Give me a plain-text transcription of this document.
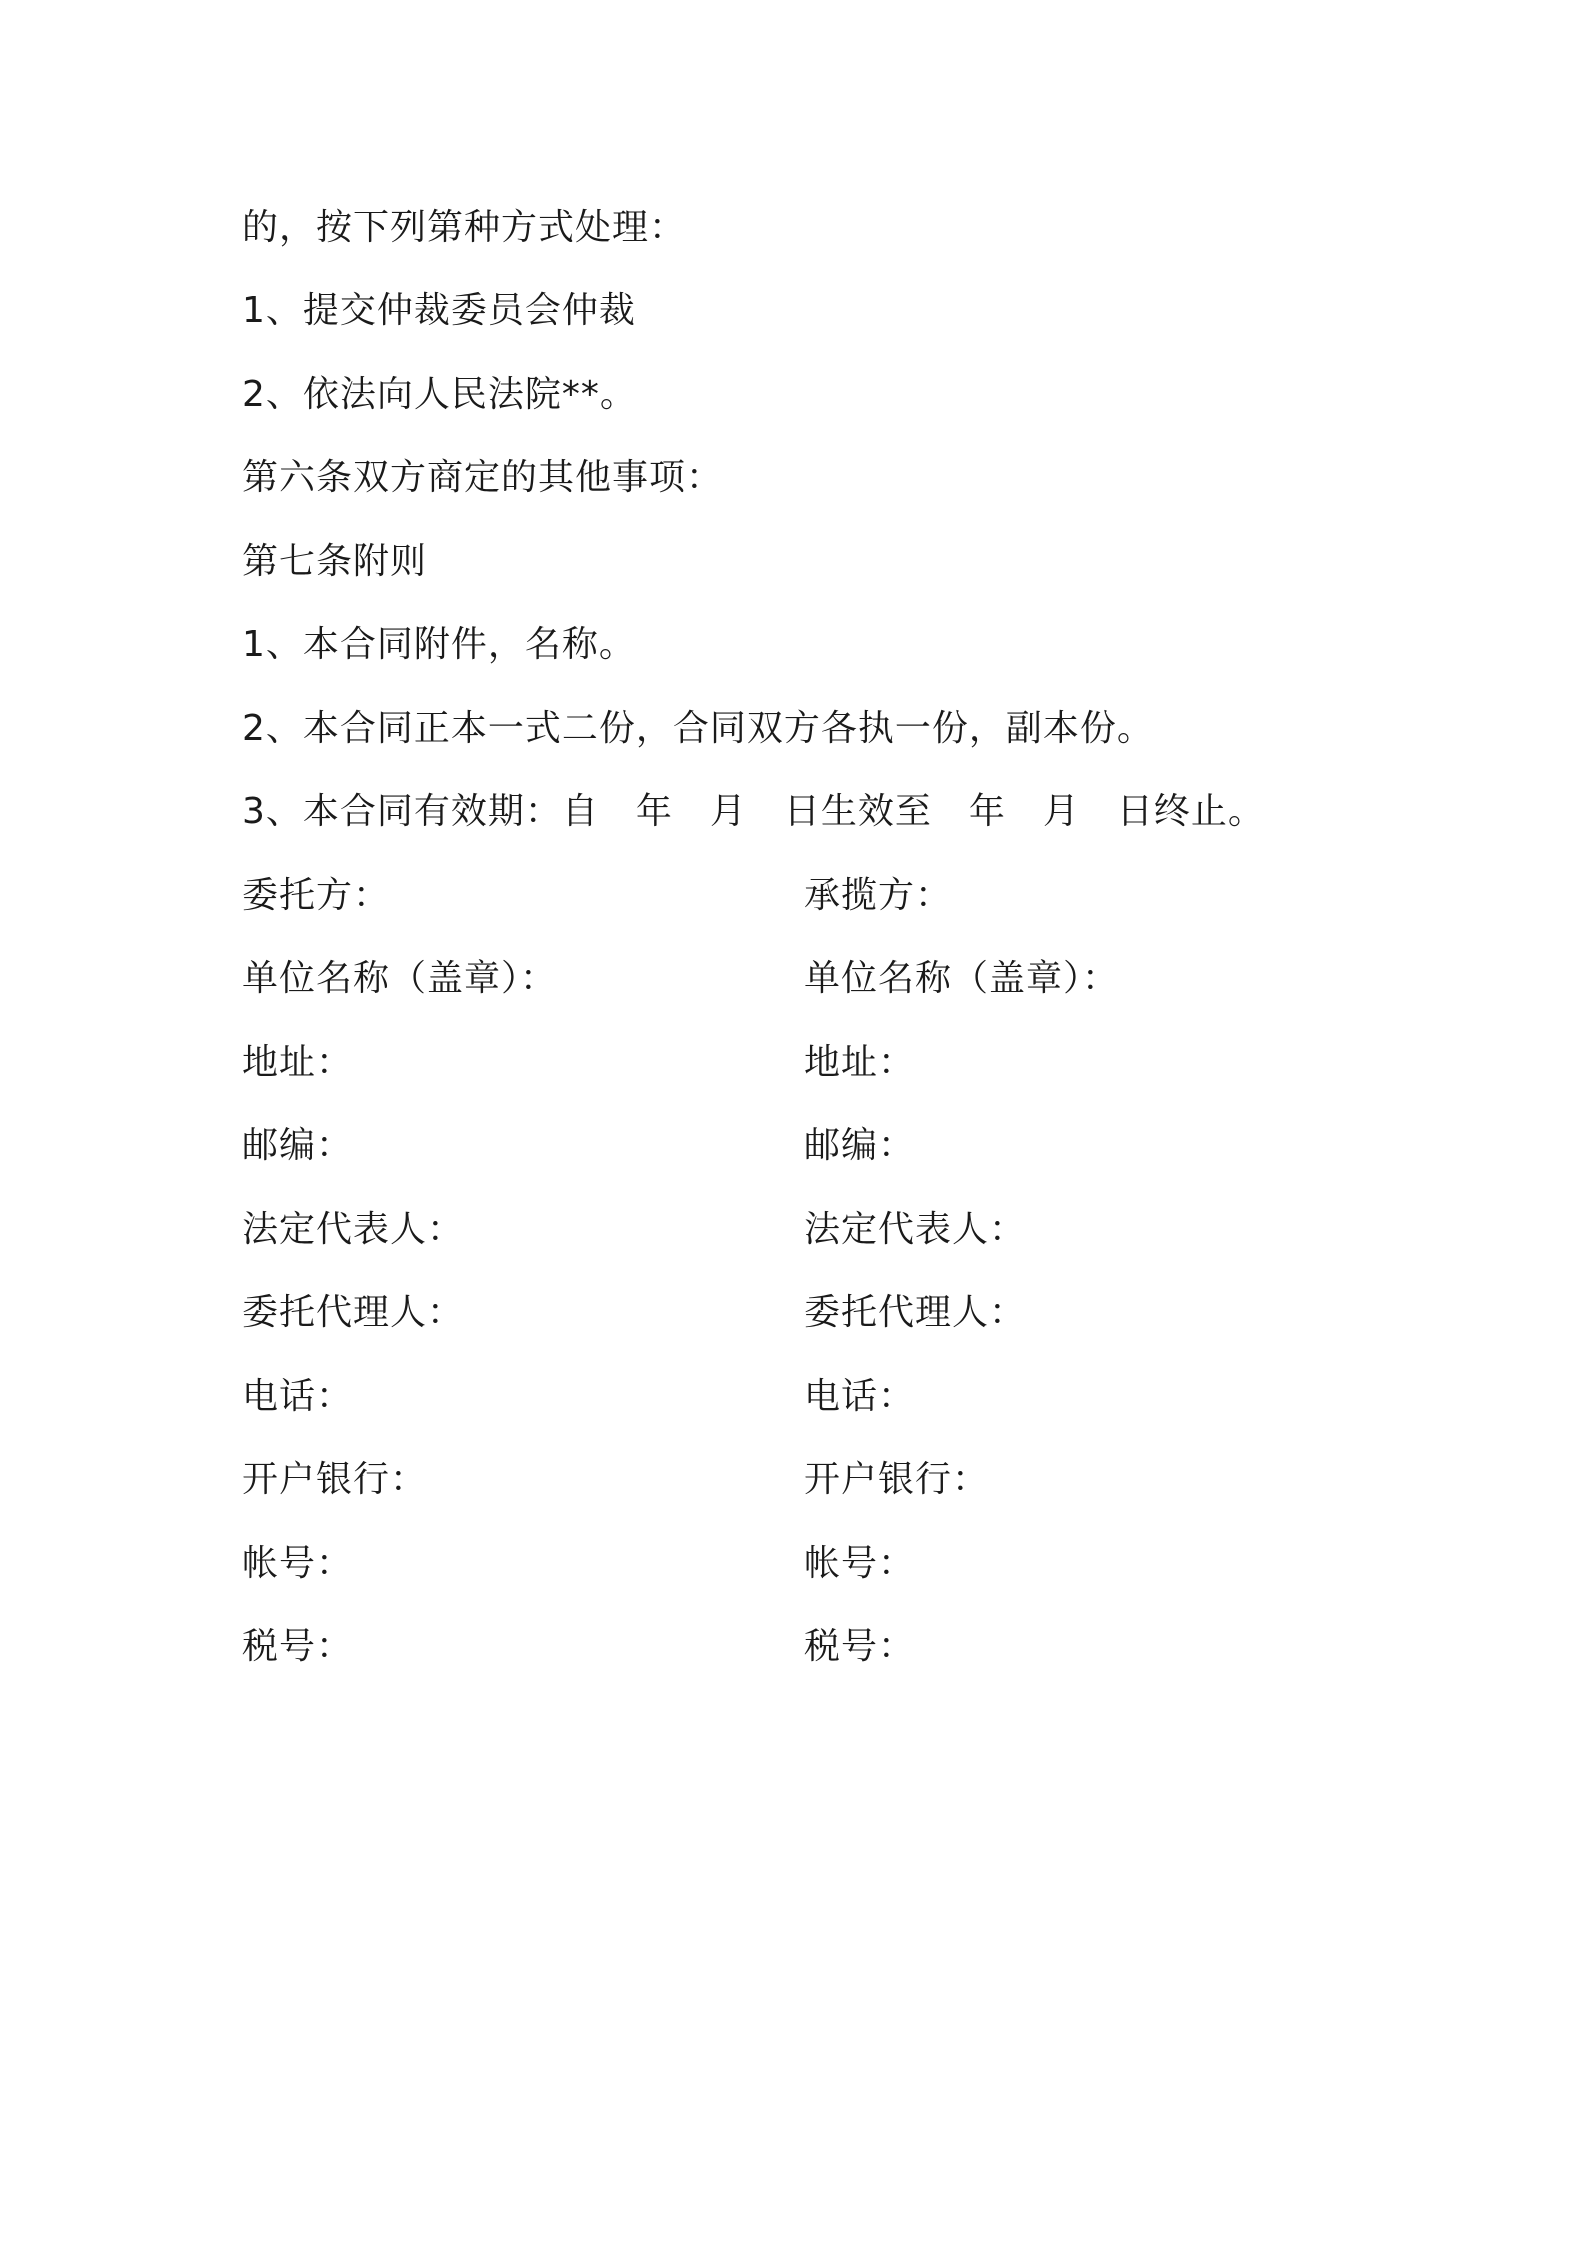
的，按下列第种方式处理：
1、提交仲裁委员会仲裁
2、依法向人民法院**。
第六条双方商定的其他事项：
第七条附则
1、本合同附件，名称。
2、本合同正本一式二份，合同双方各执一份，副本份。
3、本合同有效期：自　年　月　日生效至　年　月　日终止。
委托方：
单位名称（盖章）：
地址：
邮编：
法定代表人：
委托代理人：
电话：
开户银行：
帐号：
税号：
承揽方：
单位名称（盖章）：
地址：
邮编：
法定代表人：
委托代理人：
电话：
开户银行：
帐号：
税号：
